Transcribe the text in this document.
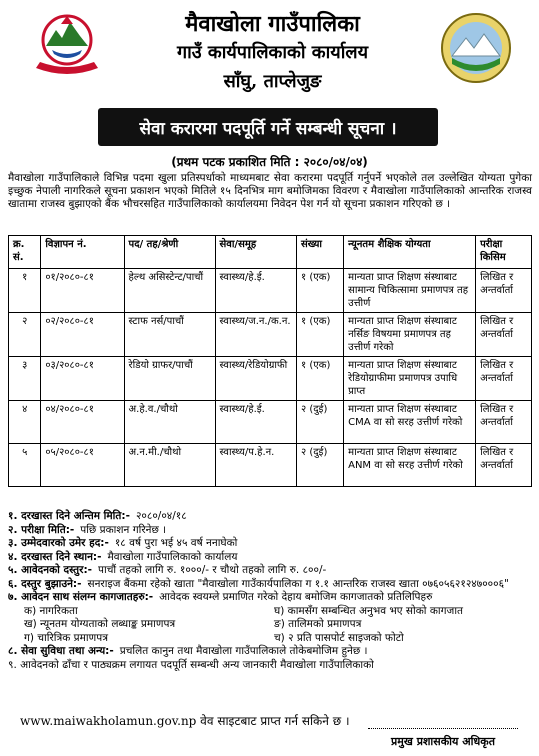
मैवाखोला गाउँपालिका
गाउँ कार्यपालिकाको कार्यालय
साँघु, ताप्लेजुङ
सेवा करारमा पदपूर्ति गर्ने सम्बन्धी सूचना ।
(प्रथम पटक प्रकाशित मिति : २०८०/०४/०४)
मैवाखोला गाउँपालिकाले विभिन्न पदमा खुला प्रतिस्पर्धाको माध्यमबाट सेवा करारमा पदपूर्ति गर्नुपर्ने भएकोले तल उल्लेखित योग्यता पुगेका इच्छुक नेपाली नागरिकले सूचना प्रकाशन भएको मितिले १५ दिनभित्र माग बमोजिमका विवरण र मैवाखोला गाउँपालिकाको आन्तरिक राजस्व खातामा राजस्व बुझाएको बैंक भौचरसहित गाउँपालिकाको कार्यालयमा निवेदन पेश गर्न यो सूचना प्रकाशन गरिएको छ ।
क्र. सं.	विज्ञापन नं.	पद/ तह/श्रेणी	सेवा/समूह	संख्या	न्यूनतम शैक्षिक योग्यता	परीक्षा किसिम
१	०१/२०८०-८१	हेल्थ असिस्टेन्ट/पाचौं	स्वास्थ्य/हे.ई.	१ (एक)	मान्यता प्राप्त शिक्षण संस्थाबाट सामान्य चिकित्सामा प्रमाणपत्र तह उत्तीर्ण	लिखित र अन्तर्वार्ता
२	०२/२०८०-८१	स्टाफ नर्स/पाचौं	स्वास्थ्य/ज.न./क.न.	१ (एक)	मान्यता प्राप्त शिक्षण संस्थाबाट नर्सिङ विषयमा प्रमाणपत्र तह उत्तीर्ण गरेको	लिखित र अन्तर्वार्ता
३	०३/२०८०-८१	रेडियो ग्राफर/पाचौं	स्वास्थ्य/रेडियोग्राफी	१ (एक)	मान्यता प्राप्त शिक्षण संस्थाबाट रेडियोग्राफीमा प्रमाणपत्र उपाधि प्राप्त	लिखित र अन्तर्वार्ता
४	०४/२०८०-८१	अ.हे.व./चौथो	स्वास्थ्य/हे.ई.	२ (दुई)	मान्यता प्राप्त शिक्षण संस्थाबाट CMA वा सो सरह उत्तीर्ण गरेको	लिखित र अन्तर्वार्ता
५	०५/२०८०-८१	अ.न.मी./चौथो	स्वास्थ्य/प.हे.न.	२ (दुई)	मान्यता प्राप्त शिक्षण संस्थाबाट ANM वा सो सरह उत्तीर्ण गरेको	लिखित र अन्तर्वार्ता
१. दरखास्त दिने अन्तिम मिति:- २०८०/०४/१८
२. परीक्षा मिति:- पछि प्रकाशन गरिनेछ ।
३. उम्मेदवारको उमेर हद:- १८ वर्ष पुरा भई ४५ वर्ष ननाघेको
४. दरखास्त दिने स्थान:- मैवाखोला गाउँपालिकाको कार्यालय
५. आवेदनको दस्तुर:- पाचौं तहको लागि रु. १०००/- र चौथो तहको लागि रु. ८००/-
६. दस्तुर बुझाउने:- सनराइज बैंकमा रहेको खाता "मैवाखोला गाउँकार्यपालिका ग १.१ आन्तरिक राजस्व खाता ०७६०५६२१२४७०००६"
७. आवेदन साथ संलग्न कागजातहरु:- आवेदक स्वयम्ले प्रमाणित गरेको देहाय बमोजिम कागजातको प्रतिलिपिहरु
क) नागरिकता	घ) कामसँग सम्बन्धित अनुभव भए सोको कागजात
ख) न्यूनतम योग्यताको लब्धाङ्क प्रमाणपत्र	ङ) तालिमको प्रमाणपत्र
ग) चारित्रिक प्रमाणपत्र	च) २ प्रति पासपोर्ट साइजको फोटो
८. सेवा सुविधा तथा अन्य:- प्रचलित कानुन तथा मैवाखोला गाउँपालिकाले तोकेबमोजिम हुनेछ ।
९. आवेदनको ढाँचा र पाठ्यक्रम लगायत पदपूर्ति सम्बन्धी अन्य जानकारी मैवाखोला गाउँपालिकाको
www.maiwakholamun.gov.np वेव साइटबाट प्राप्त गर्न सकिने छ ।
प्रमुख प्रशासकीय अधिकृत
